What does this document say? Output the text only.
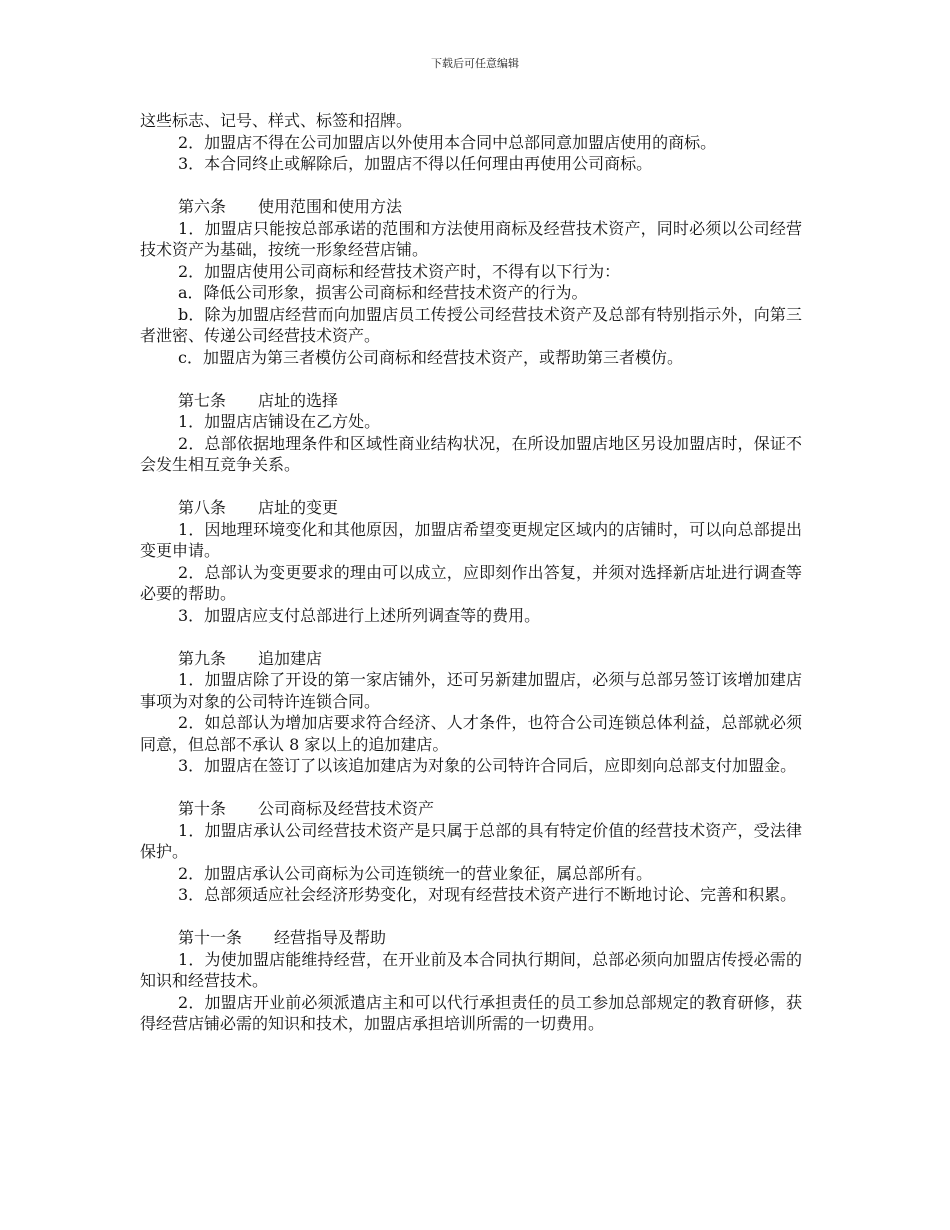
下载后可任意编辑

这些标志、记号、样式、标签和招牌。

2．加盟店不得在公司加盟店以外使用本合同中总部同意加盟店使用的商标。

3．本合同终止或解除后，加盟店不得以任何理由再使用公司商标。

第六条　　使用范围和使用方法

1．加盟店只能按总部承诺的范围和方法使用商标及经营技术资产，同时必须以公司经营技术资产为基础，按统一形象经营店铺。

2．加盟店使用公司商标和经营技术资产时，不得有以下行为：

a．降低公司形象，损害公司商标和经营技术资产的行为。

b．除为加盟店经营而向加盟店员工传授公司经营技术资产及总部有特别指示外，向第三者泄密、传递公司经营技术资产。

c．加盟店为第三者模仿公司商标和经营技术资产，或帮助第三者模仿。

第七条　　店址的选择

1．加盟店店铺设在乙方处。

2．总部依据地理条件和区域性商业结构状况，在所设加盟店地区另设加盟店时，保证不会发生相互竞争关系。

第八条　　店址的变更

1．因地理环境变化和其他原因，加盟店希望变更规定区域内的店铺时，可以向总部提出变更申请。

2．总部认为变更要求的理由可以成立，应即刻作出答复，并须对选择新店址进行调查等必要的帮助。

3．加盟店应支付总部进行上述所列调查等的费用。

第九条　　追加建店

1．加盟店除了开设的第一家店铺外，还可另新建加盟店，必须与总部另签订该增加建店事项为对象的公司特许连锁合同。

2．如总部认为增加店要求符合经济、人才条件，也符合公司连锁总体利益，总部就必须同意，但总部不承认 8 家以上的追加建店。

3．加盟店在签订了以该追加建店为对象的公司特许合同后，应即刻向总部支付加盟金。

第十条　　公司商标及经营技术资产

1．加盟店承认公司经营技术资产是只属于总部的具有特定价值的经营技术资产，受法律保护。

2．加盟店承认公司商标为公司连锁统一的营业象征，属总部所有。

3．总部须适应社会经济形势变化，对现有经营技术资产进行不断地讨论、完善和积累。

第十一条　　经营指导及帮助

1．为使加盟店能维持经营，在开业前及本合同执行期间，总部必须向加盟店传授必需的知识和经营技术。

2．加盟店开业前必须派遣店主和可以代行承担责任的员工参加总部规定的教育研修，获得经营店铺必需的知识和技术，加盟店承担培训所需的一切费用。
